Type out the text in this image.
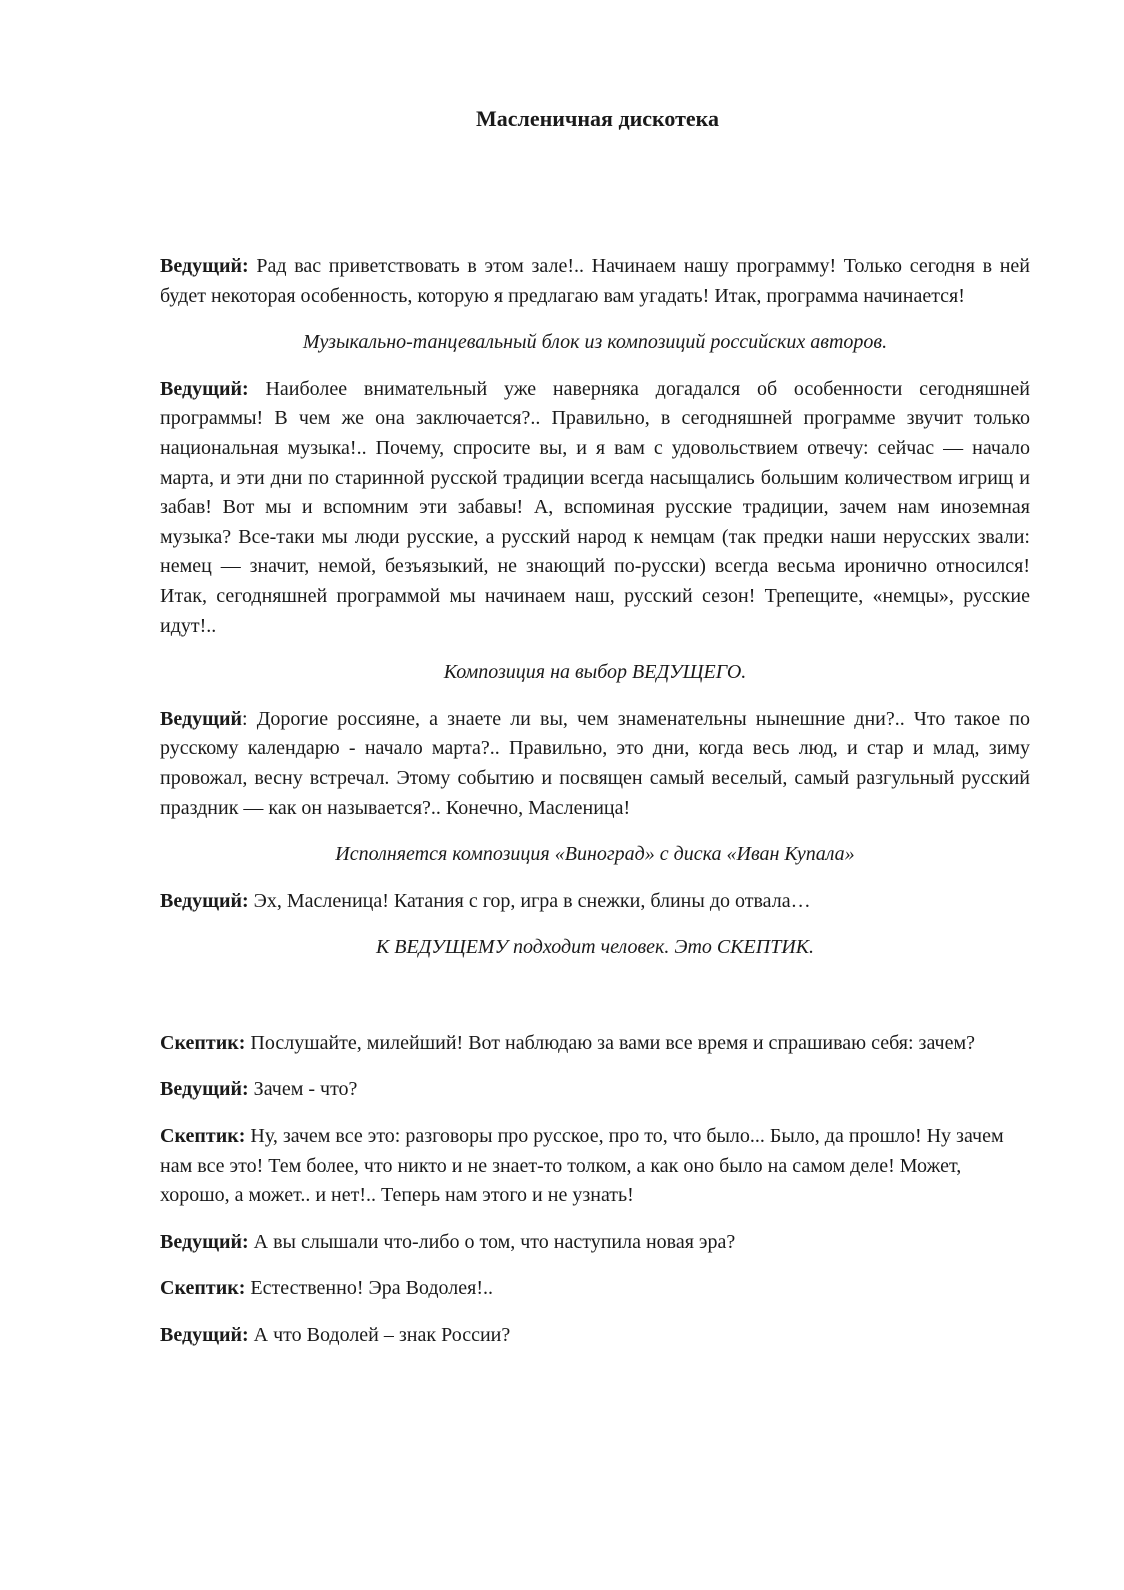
Масленичная дискотека

Ведущий: Рад вас приветствовать в этом зале!.. Начинаем нашу программу! Только сегодня в ней будет некоторая особенность, которую я предлагаю вам угадать! Итак, программа начинается!

Музыкально-танцевальный блок из композиций российских авторов.

Ведущий: Наиболее внимательный уже наверняка догадался об особенности сегодняшней программы! В чем же она заключается?.. Правильно, в сегодняшней программе звучит только национальная музыка!.. Почему, спросите вы, и я вам с удовольствием отвечу: сейчас — начало марта, и эти дни по старинной русской традиции всегда насыщались большим количеством игрищ и забав! Вот мы и вспомним эти забавы! А, вспоминая русские традиции, зачем нам иноземная музыка? Все-таки мы люди русские, а русский народ к немцам (так предки наши нерусских звали: немец — значит, немой, безъязыкий, не знающий по-русски) всегда весьма иронично относился! Итак, сегодняшней программой мы начинаем наш, русский сезон! Трепещите, «немцы», русские идут!..

Композиция на выбор ВЕДУЩЕГО.

Ведущий: Дорогие россияне, а знаете ли вы, чем знаменательны нынешние дни?.. Что такое по русскому календарю - начало марта?.. Правильно, это дни, когда весь люд, и стар и млад, зиму провожал, весну встречал. Этому событию и посвящен самый веселый, самый разгульный русский праздник — как он называется?.. Конечно, Масленица!

Исполняется композиция «Виноград» с диска «Иван Купала»

Ведущий: Эх, Масленица! Катания с гор, игра в снежки, блины до отвала…

К ВЕДУЩЕМУ подходит человек. Это СКЕПТИК.

Скептик: Послушайте, милейший! Вот наблюдаю за вами все время и спрашиваю себя: зачем?

Ведущий: Зачем - что?

Скептик: Ну, зачем все это: разговоры про русское, про то, что было... Было, да прошло! Ну зачем нам все это! Тем более, что никто и не знает-то толком, а как оно было на самом деле! Может, хорошо, а может.. и нет!.. Теперь нам этого и не узнать!

Ведущий: А вы слышали что-либо о том, что наступила новая эра?

Скептик: Естественно! Эра Водолея!..

Ведущий: А что Водолей – знак России?
